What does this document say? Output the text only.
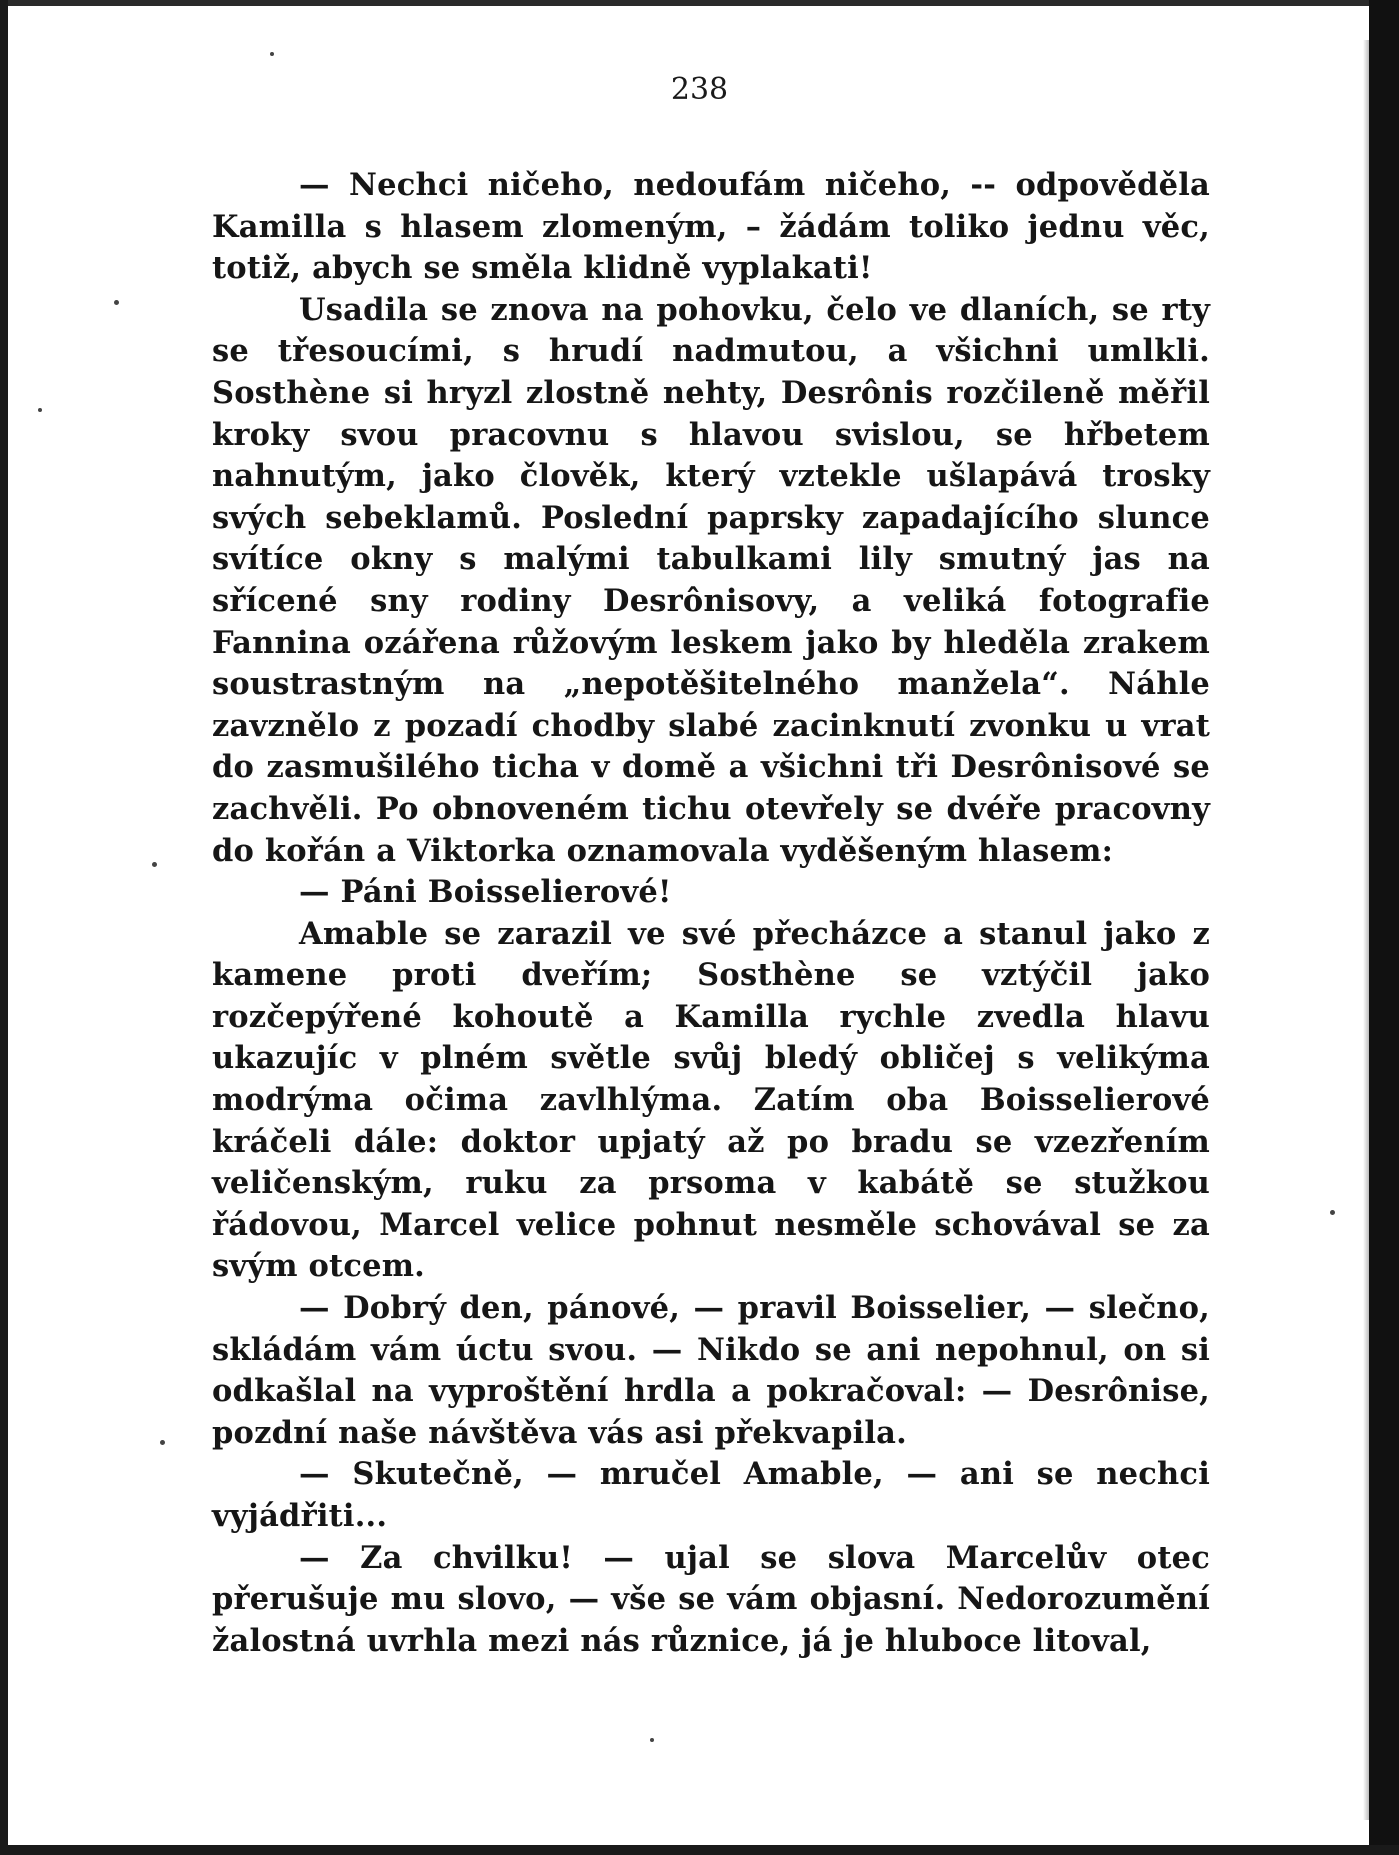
238

— Nechci ničeho, nedoufám ničeho, -- odpověděla Kamilla s hlasem zlomeným, – žádám toliko jednu věc, totiž, abych se směla klidně vyplakati!

Usadila se znova na pohovku, čelo ve dlaních, se rty se třesoucími, s hrudí nadmutou, a všichni umlkli. Sosthène si hryzl zlostně nehty, Desrônis rozčileně měřil kroky svou pracovnu s hlavou svislou, se hřbetem nahnutým, jako člověk, který vztekle ušlapává trosky svých sebeklamů. Poslední paprsky zapadajícího slunce svítíce okny s malými tabulkami lily smutný jas na sřícené sny rodiny Desrônisovy, a veliká fotografie Fannina ozářena růžovým leskem jako by hleděla zrakem soustrastným na „nepotěšitelného manžela“. Náhle zavznělo z pozadí chodby slabé zacinknutí zvonku u vrat do zasmušilého ticha v domě a všichni tři Desrônisové se zachvěli. Po obnoveném tichu otevřely se dvéře pracovny do kořán a Viktorka oznamovala vyděšeným hlasem:

— Páni Boisselierové!

Amable se zarazil ve své přecházce a stanul jako z kamene proti dveřím; Sosthène se vztýčil jako rozčepýřené kohoutě a Kamilla rychle zvedla hlavu ukazujíc v plném světle svůj bledý obličej s velikýma modrýma očima zavlhlýma. Zatím oba Boisselierové kráčeli dále: doktor upjatý až po bradu se vzezřením veličenským, ruku za prsoma v kabátě se stužkou řádovou, Marcel velice pohnut nesměle schovával se za svým otcem.

— Dobrý den, pánové, — pravil Boisselier, — slečno, skládám vám úctu svou. — Nikdo se ani nepohnul, on si odkašlal na vyproštění hrdla a pokračoval: — Desrônise, pozdní naše návštěva vás asi překvapila.

— Skutečně, — mručel Amable, — ani se nechci vyjádřiti...

— Za chvilku! — ujal se slova Marcelův otec přerušuje mu slovo, — vše se vám objasní. Nedorozumění žalostná uvrhla mezi nás různice, já je hluboce litoval,
